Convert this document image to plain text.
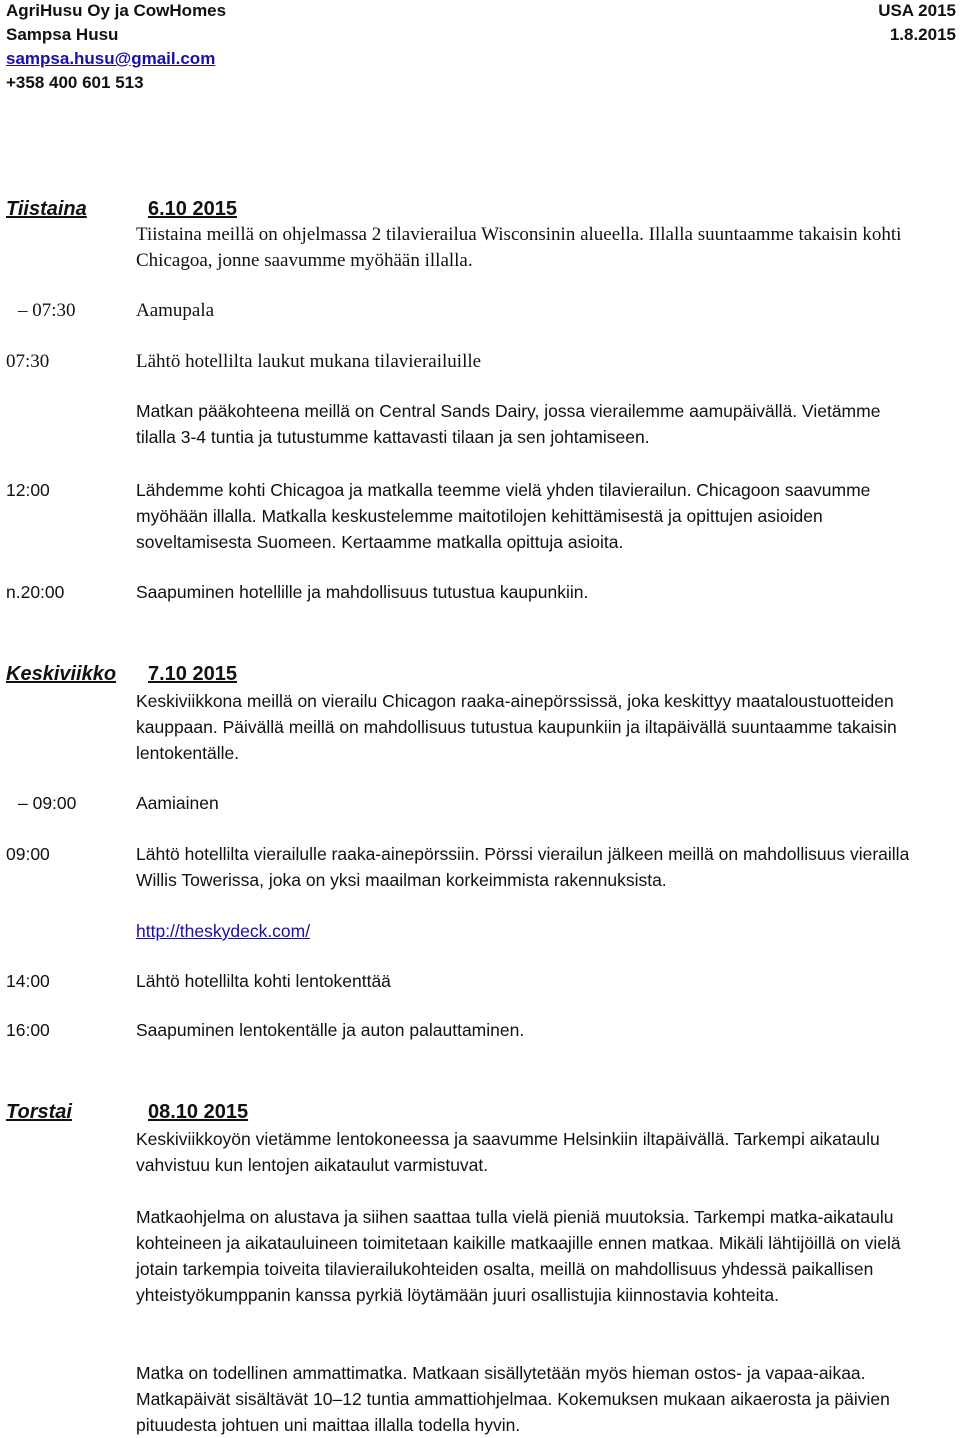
AgriHusu Oy ja CowHomes
Sampsa Husu
sampsa.husu@gmail.com
+358 400 601 513
USA 2015
1.8.2015
Tiistaina	6.10 2015
Tiistaina meillä on ohjelmassa 2 tilavierailua Wisconsinin alueella. Illalla suuntaamme takaisin kohti Chicagoa, jonne saavumme myöhään illalla.
– 07:30	Aamupala
07:30	Lähtö hotellilta laukut mukana tilavierailuille
Matkan pääkohteena meillä on Central Sands Dairy, jossa vierailemme aamupäivällä. Vietämme tilalla 3-4 tuntia ja tutustumme kattavasti tilaan ja sen johtamiseen.
12:00	Lähdemme kohti Chicagoa ja matkalla teemme vielä yhden tilavierailun. Chicagoon saavumme myöhään illalla. Matkalla keskustelemme maitotilojen kehittämisestä ja opittujen asioiden soveltamisesta Suomeen. Kertaamme matkalla opittuja asioita.
n.20:00	Saapuminen hotellille ja mahdollisuus tutustua kaupunkiin.
Keskiviikko 7.10 2015
Keskiviikkona meillä on vierailu Chicagon raaka-ainepörssissä, joka keskittyy maataloustuotteiden kauppaan. Päivällä meillä on mahdollisuus tutustua kaupunkiin ja iltapäivällä suuntaamme takaisin lentokentälle.
– 09:00	Aamiainen
09:00	Lähtö hotellilta vierailulle raaka-ainepörssiin. Pörssi vierailun jälkeen meillä on mahdollisuus vierailla Willis Towerissa, joka on yksi maailman korkeimmista rakennuksista.
http://theskydeck.com/
14:00	Lähtö hotellilta kohti lentokenttää
16:00	Saapuminen lentokentälle ja auton palauttaminen.
Torstai	08.10 2015
Keskiviikkoyön vietämme lentokoneessa ja saavumme Helsinkiin iltapäivällä. Tarkempi aikataulu vahvistuu kun lentojen aikataulut varmistuvat.
Matkaohjelma on alustava ja siihen saattaa tulla vielä pieniä muutoksia. Tarkempi matka-aikataulu kohteineen ja aikatauluineen toimitetaan kaikille matkaajille ennen matkaa. Mikäli lähtijöillä on vielä jotain tarkempia toiveita tilavierailukohteiden osalta, meillä on mahdollisuus yhdessä paikallisen yhteistyökumppanin kanssa pyrkiä löytämään juuri osallistujia kiinnostavia kohteita.
Matka on todellinen ammattimatka. Matkaan sisällytetään myös hieman ostos- ja vapaa-aikaa. Matkapäivät sisältävät 10–12 tuntia ammattiohjelmaa. Kokemuksen mukaan aikaerosta ja päivien pituudesta johtuen uni maittaa illalla todella hyvin.
